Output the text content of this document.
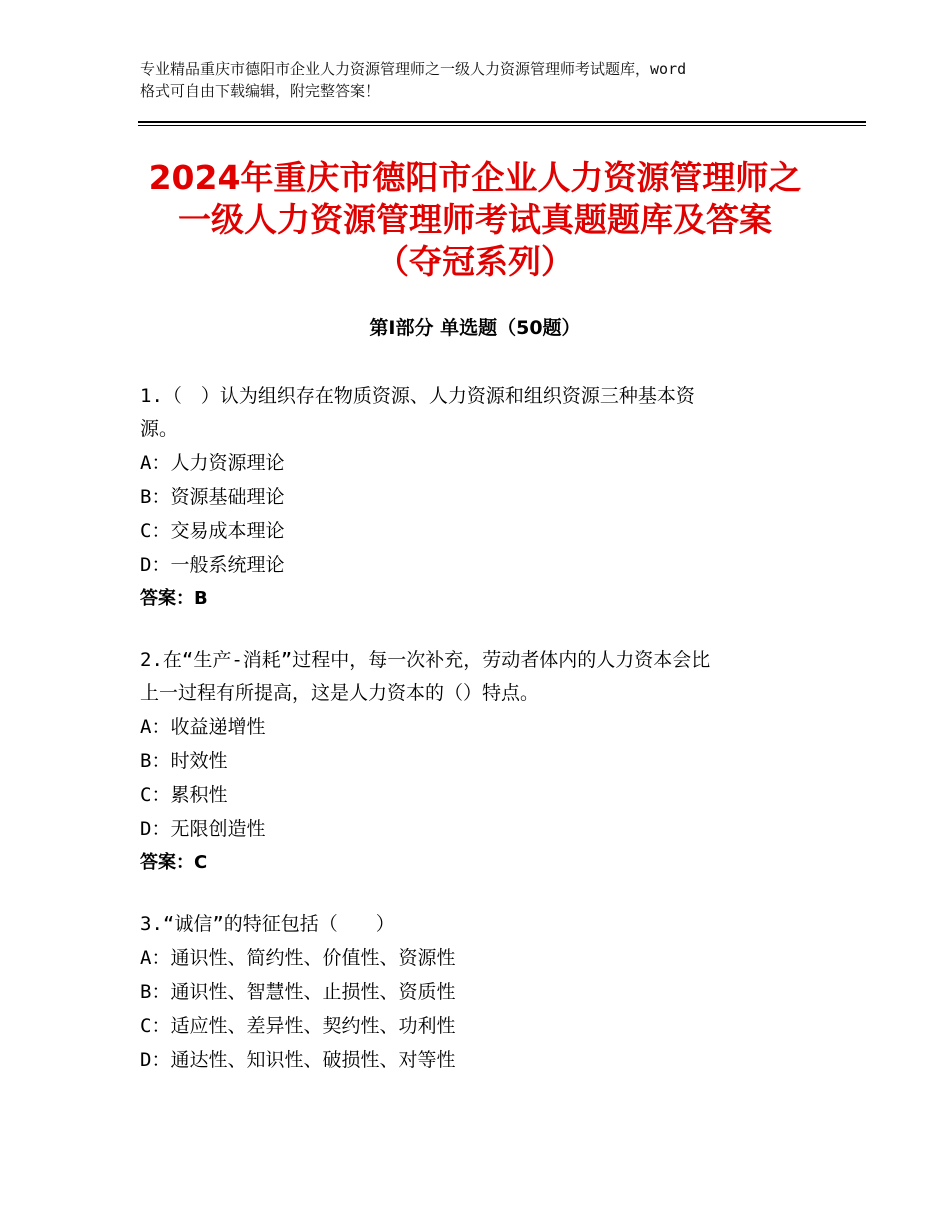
专业精品重庆市德阳市企业人力资源管理师之一级人力资源管理师考试题库，word
格式可自由下载编辑，附完整答案！
2024年重庆市德阳市企业人力资源管理师之
一级人力资源管理师考试真题题库及答案
（夺冠系列）
第Ⅰ部分 单选题（50题）
1.（　）认为组织存在物质资源、人力资源和组织资源三种基本资
源。
A：人力资源理论
B：资源基础理论
C：交易成本理论
D：一般系统理论
答案：B
2.在“生产-消耗”过程中，每一次补充，劳动者体内的人力资本会比
上一过程有所提高，这是人力资本的（）特点。
A：收益递增性
B：时效性
C：累积性
D：无限创造性
答案：C
3.“诚信”的特征包括（　　）
A：通识性、简约性、价值性、资源性
B：通识性、智慧性、止损性、资质性
C：适应性、差异性、契约性、功利性
D：通达性、知识性、破损性、对等性
